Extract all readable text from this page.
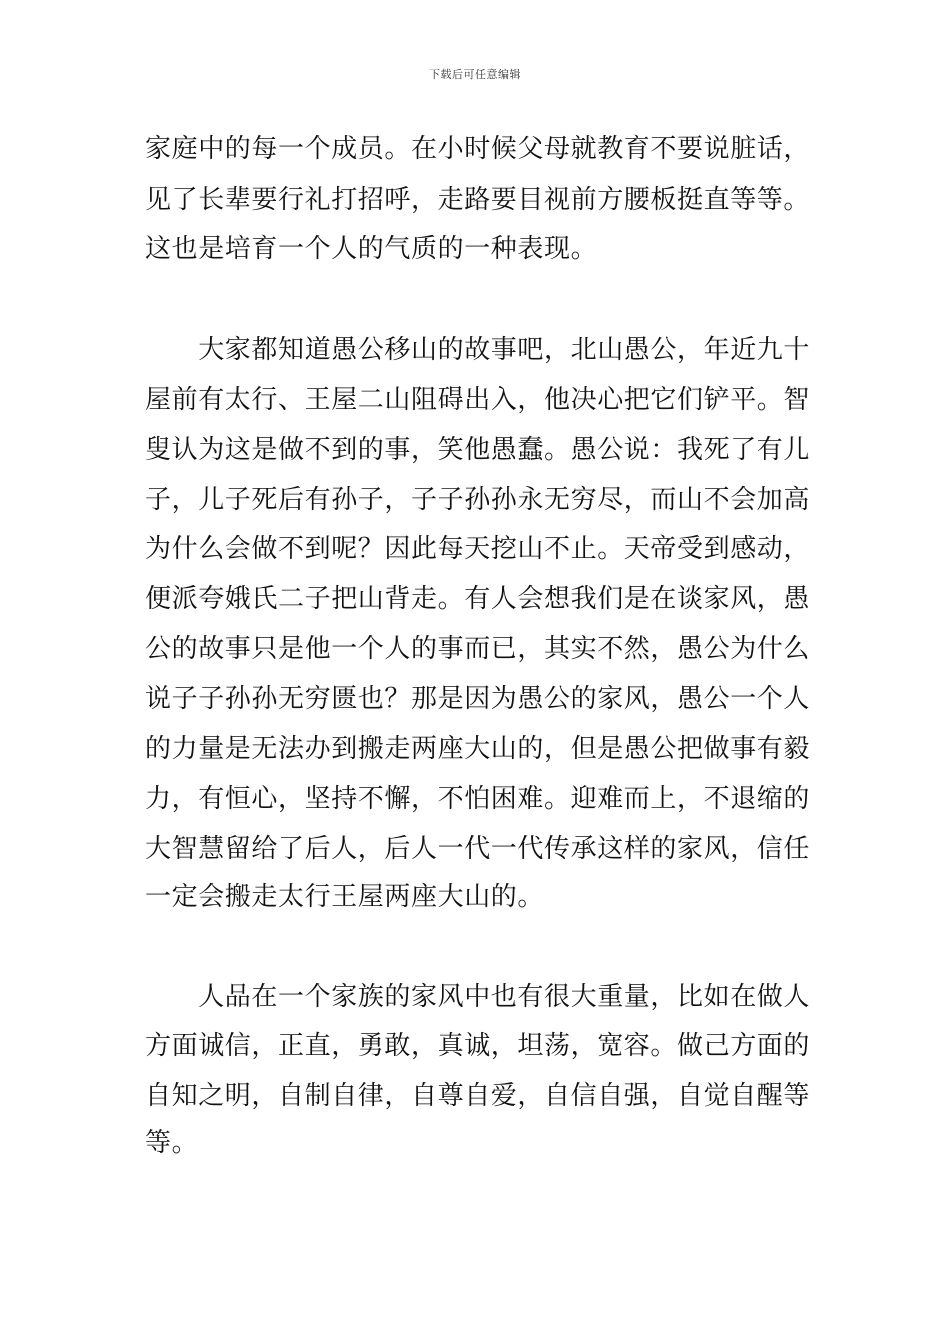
下载后可任意编辑
家庭中的每一个成员。在小时候父母就教育不要说脏话，
见了长辈要行礼打招呼，走路要目视前方腰板挺直等等。
这也是培育一个人的气质的一种表现。
　　大家都知道愚公移山的故事吧，北山愚公，年近九十
屋前有太行、王屋二山阻碍出入，他决心把它们铲平。智
叟认为这是做不到的事，笑他愚蠢。愚公说：我死了有儿
子，儿子死后有孙子，子子孙孙永无穷尽，而山不会加高
为什么会做不到呢？因此每天挖山不止。天帝受到感动，
便派夸娥氏二子把山背走。有人会想我们是在谈家风，愚
公的故事只是他一个人的事而已，其实不然，愚公为什么
说子子孙孙无穷匮也？那是因为愚公的家风，愚公一个人
的力量是无法办到搬走两座大山的，但是愚公把做事有毅
力，有恒心，坚持不懈，不怕困难。迎难而上，不退缩的
大智慧留给了后人，后人一代一代传承这样的家风，信任
一定会搬走太行王屋两座大山的。
　　人品在一个家族的家风中也有很大重量，比如在做人
方面诚信，正直，勇敢，真诚，坦荡，宽容。做己方面的
自知之明，自制自律，自尊自爱，自信自强，自觉自醒等
等。
